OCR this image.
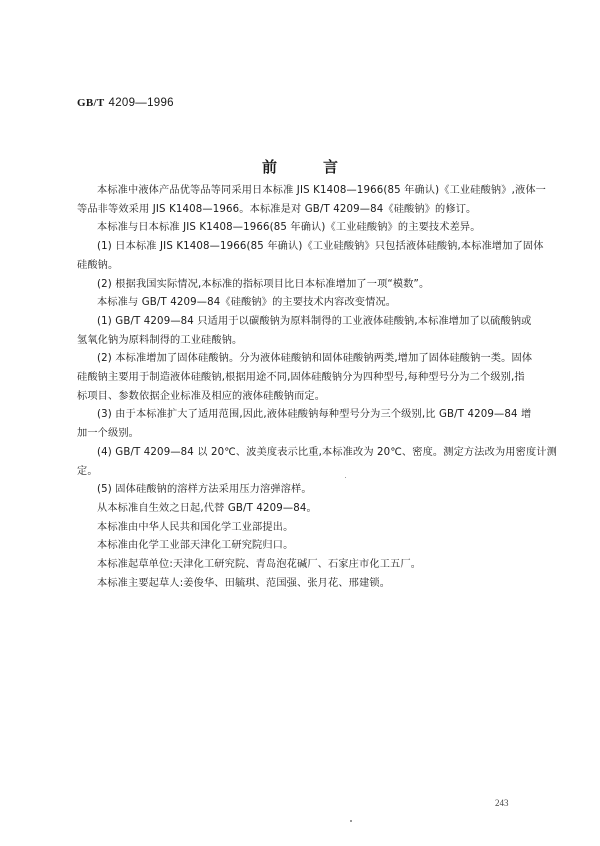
GB/T 4209—1996
前	言
本标准中液体产品优等品等同采用日本标准 JIS K1408—1966(85 年确认)《工业硅酸钠》,液体一
等品非等效采用 JIS K1408—1966。本标准是对 GB/T 4209—84《硅酸钠》的修订。
本标准与日本标准 JIS K1408—1966(85 年确认)《工业硅酸钠》的主要技术差异。
(1) 日本标准 JIS K1408—1966(85 年确认)《工业硅酸钠》只包括液体硅酸钠,本标准增加了固体
硅酸钠。
(2) 根据我国实际情况,本标准的指标项目比日本标准增加了一项“模数”。
本标准与 GB/T 4209—84《硅酸钠》的主要技术内容改变情况。
(1) GB/T 4209—84 只适用于以碳酸钠为原料制得的工业液体硅酸钠,本标准增加了以硫酸钠或
氢氧化钠为原料制得的工业硅酸钠。
(2) 本标准增加了固体硅酸钠。分为液体硅酸钠和固体硅酸钠两类,增加了固体硅酸钠一类。固体
硅酸钠主要用于制造液体硅酸钠,根据用途不同,固体硅酸钠分为四种型号,每种型号分为二个级别,指
标项目、参数依据企业标准及相应的液体硅酸钠而定。
(3) 由于本标准扩大了适用范围,因此,液体硅酸钠每种型号分为三个级别,比 GB/T 4209—84 增
加一个级别。
(4) GB/T 4209—84 以 20℃、波美度表示比重,本标准改为 20℃、密度。测定方法改为用密度计测
定。
(5) 固体硅酸钠的溶样方法采用压力溶弹溶样。
从本标准自生效之日起,代替 GB/T 4209—84。
本标准由中华人民共和国化学工业部提出。
本标准由化学工业部天津化工研究院归口。
本标准起草单位:天津化工研究院、青岛泡花碱厂、石家庄市化工五厂。
本标准主要起草人:姜俊华、田毓琪、范国强、张月花、邢建锁。
243
